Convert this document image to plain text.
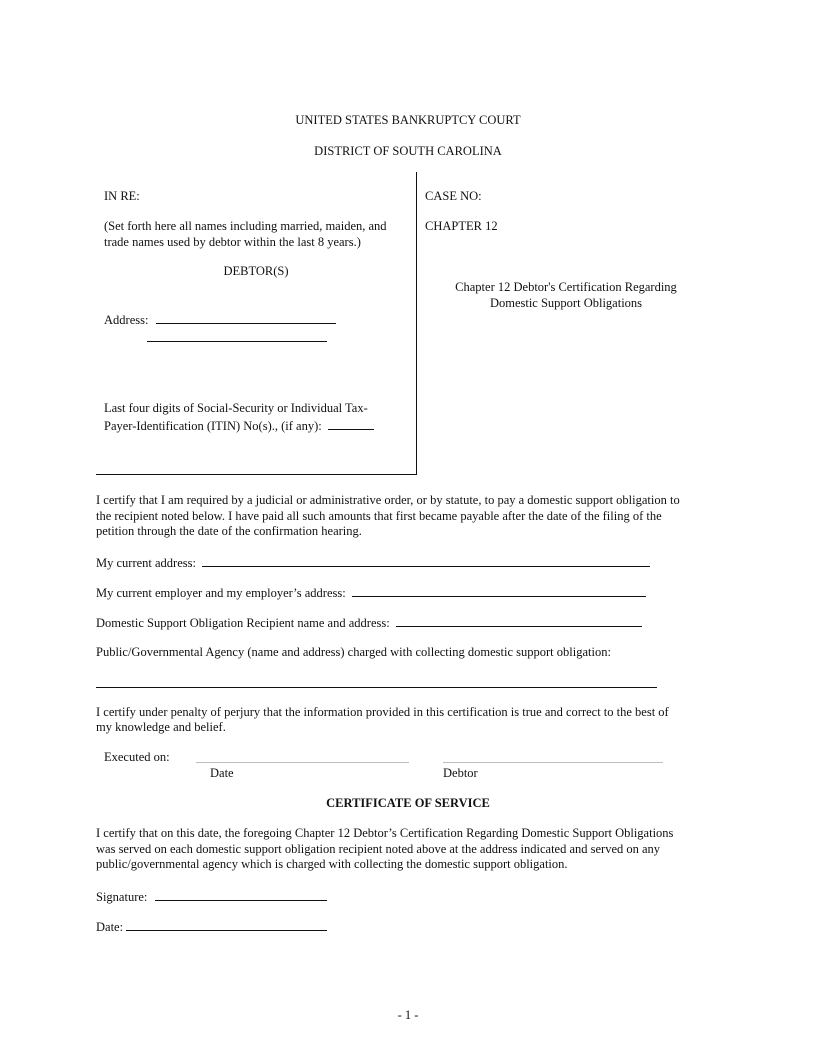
UNITED STATES BANKRUPTCY COURT
DISTRICT OF SOUTH CAROLINA
IN RE:
(Set forth here all names including married, maiden, and
trade names used by debtor within the last 8 years.)
DEBTOR(S)
Address:
Last four digits of Social-Security or Individual Tax-
Payer-Identification (ITIN) No(s)., (if any):
CASE NO:
CHAPTER 12
Chapter 12 Debtor's Certification Regarding
Domestic Support Obligations
I certify that I am required by a judicial or administrative order, or by statute, to pay a domestic support obligation to
the recipient noted below. I have paid all such amounts that first became payable after the date of the filing of the
petition through the date of the confirmation hearing.
My current address:
My current employer and my employer’s address:
Domestic Support Obligation Recipient name and address:
Public/Governmental Agency (name and address) charged with collecting domestic support obligation:
I certify under penalty of perjury that the information provided in this certification is true and correct to the best of
my knowledge and belief.
Executed on:
Date	Debtor
CERTIFICATE OF SERVICE
I certify that on this date, the foregoing Chapter 12 Debtor’s Certification Regarding Domestic Support Obligations
was served on each domestic support obligation recipient noted above at the address indicated and served on any
public/governmental agency which is charged with collecting the domestic support obligation.
Signature:
Date:
- 1 -
